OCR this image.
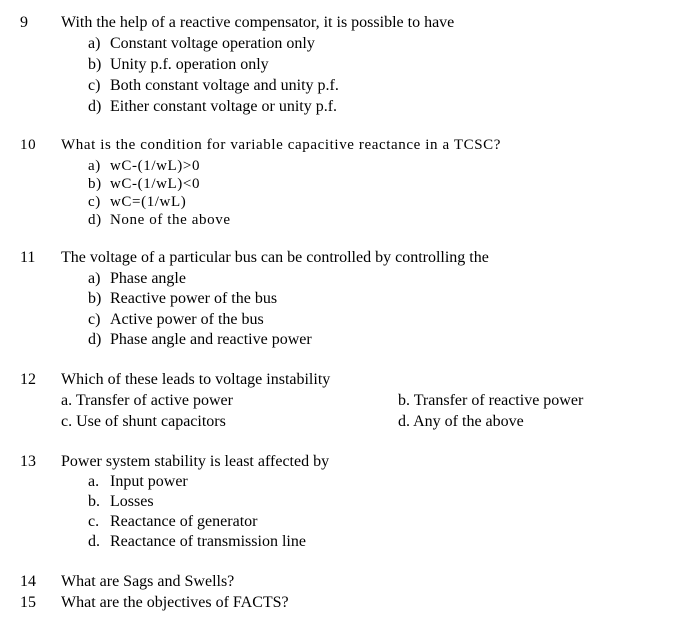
9 With the help of a reactive compensator, it is possible to have
a) Constant voltage operation only
b) Unity p.f. operation only
c) Both constant voltage and unity p.f.
d) Either constant voltage or unity p.f.
10 What is the condition for variable capacitive reactance in a TCSC?
a) wC-(1/wL)>0
b) wC-(1/wL)<0
c) wC=(1/wL)
d) None of the above
11 The voltage of a particular bus can be controlled by controlling the
a) Phase angle
b) Reactive power of the bus
c) Active power of the bus
d) Phase angle and reactive power
12 Which of these leads to voltage instability
a. Transfer of active power	b. Transfer of reactive power
c. Use of shunt capacitors	d. Any of the above
13 Power system stability is least affected by
a. Input power
b. Losses
c. Reactance of generator
d. Reactance of transmission line
14 What are Sags and Swells?
15 What are the objectives of FACTS?
